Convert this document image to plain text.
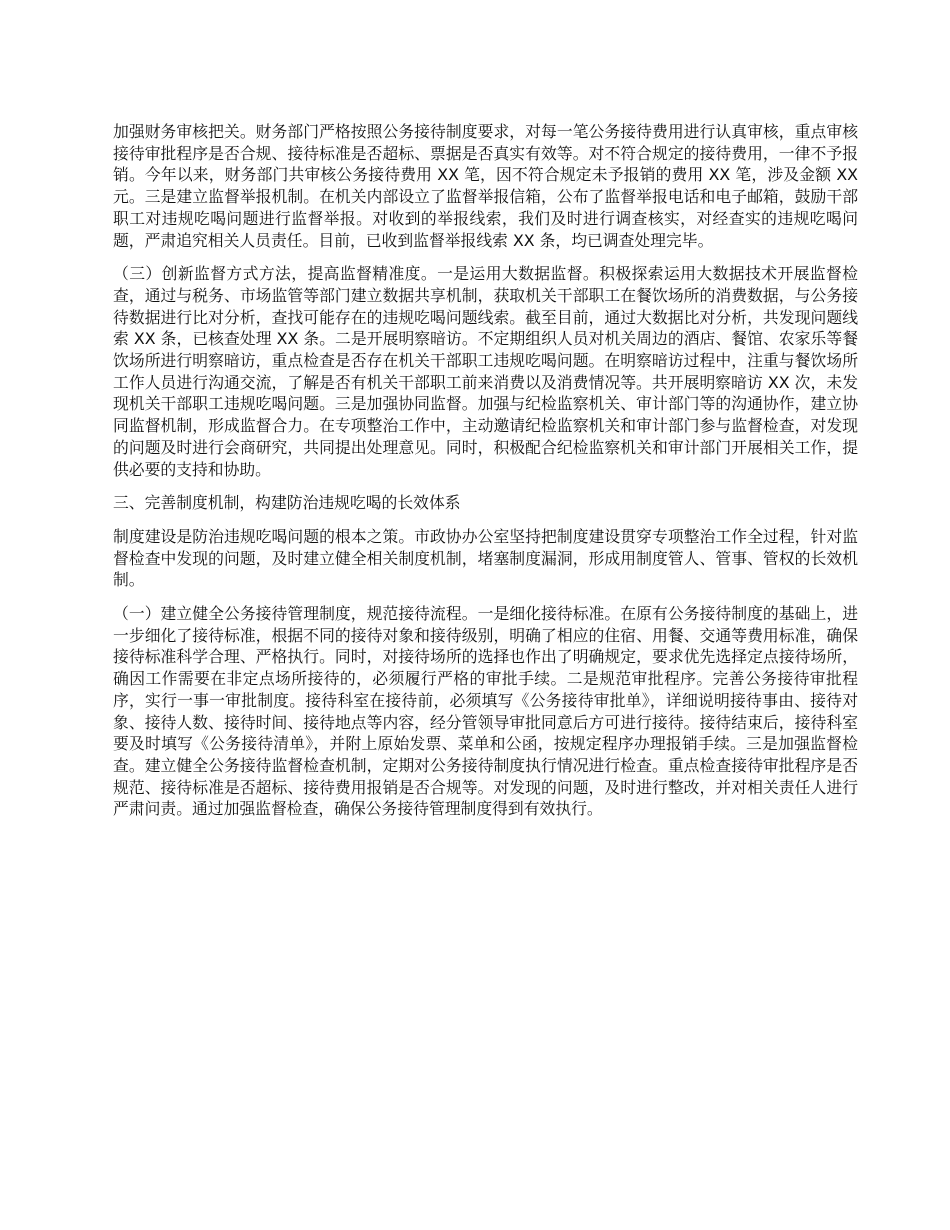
加强财务审核把关。财务部门严格按照公务接待制度要求，对每一笔公务接待费用进行认真审核，重点审核接待审批程序是否合规、接待标准是否超标、票据是否真实有效等。对不符合规定的接待费用，一律不予报销。今年以来，财务部门共审核公务接待费用 XX 笔，因不符合规定未予报销的费用 XX 笔，涉及金额 XX 元。三是建立监督举报机制。在机关内部设立了监督举报信箱，公布了监督举报电话和电子邮箱，鼓励干部职工对违规吃喝问题进行监督举报。对收到的举报线索，我们及时进行调查核实，对经查实的违规吃喝问题，严肃追究相关人员责任。目前，已收到监督举报线索 XX 条，均已调查处理完毕。

（三）创新监督方式方法，提高监督精准度。一是运用大数据监督。积极探索运用大数据技术开展监督检查，通过与税务、市场监管等部门建立数据共享机制，获取机关干部职工在餐饮场所的消费数据，与公务接待数据进行比对分析，查找可能存在的违规吃喝问题线索。截至目前，通过大数据比对分析，共发现问题线索 XX 条，已核查处理 XX 条。二是开展明察暗访。不定期组织人员对机关周边的酒店、餐馆、农家乐等餐饮场所进行明察暗访，重点检查是否存在机关干部职工违规吃喝问题。在明察暗访过程中，注重与餐饮场所工作人员进行沟通交流，了解是否有机关干部职工前来消费以及消费情况等。共开展明察暗访 XX 次，未发现机关干部职工违规吃喝问题。三是加强协同监督。加强与纪检监察机关、审计部门等的沟通协作，建立协同监督机制，形成监督合力。在专项整治工作中，主动邀请纪检监察机关和审计部门参与监督检查，对发现的问题及时进行会商研究，共同提出处理意见。同时，积极配合纪检监察机关和审计部门开展相关工作，提供必要的支持和协助。

三、完善制度机制，构建防治违规吃喝的长效体系

制度建设是防治违规吃喝问题的根本之策。市政协办公室坚持把制度建设贯穿专项整治工作全过程，针对监督检查中发现的问题，及时建立健全相关制度机制，堵塞制度漏洞，形成用制度管人、管事、管权的长效机制。

（一）建立健全公务接待管理制度，规范接待流程。一是细化接待标准。在原有公务接待制度的基础上，进一步细化了接待标准，根据不同的接待对象和接待级别，明确了相应的住宿、用餐、交通等费用标准，确保接待标准科学合理、严格执行。同时，对接待场所的选择也作出了明确规定，要求优先选择定点接待场所，确因工作需要在非定点场所接待的，必须履行严格的审批手续。二是规范审批程序。完善公务接待审批程序，实行一事一审批制度。接待科室在接待前，必须填写《公务接待审批单》，详细说明接待事由、接待对象、接待人数、接待时间、接待地点等内容，经分管领导审批同意后方可进行接待。接待结束后，接待科室要及时填写《公务接待清单》，并附上原始发票、菜单和公函，按规定程序办理报销手续。三是加强监督检查。建立健全公务接待监督检查机制，定期对公务接待制度执行情况进行检查。重点检查接待审批程序是否规范、接待标准是否超标、接待费用报销是否合规等。对发现的问题，及时进行整改，并对相关责任人进行严肃问责。通过加强监督检查，确保公务接待管理制度得到有效执行。
